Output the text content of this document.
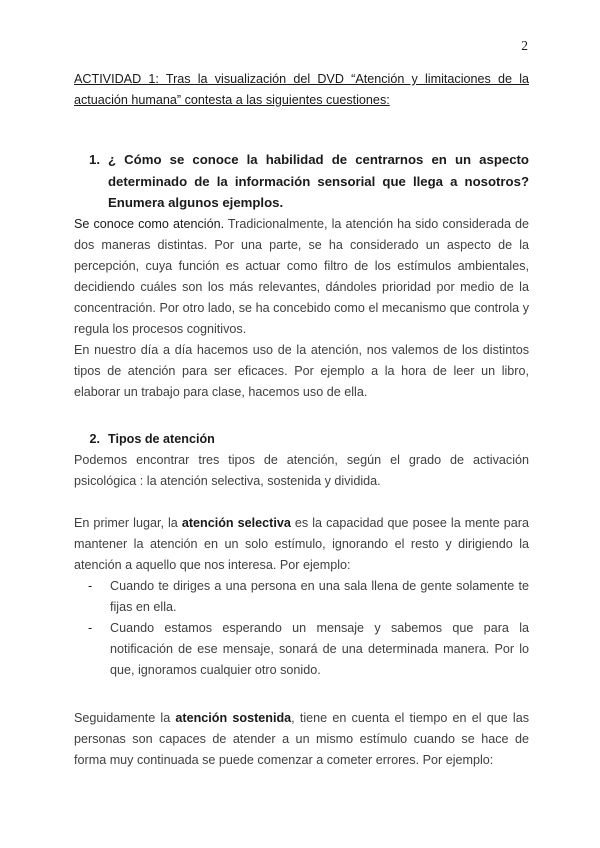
2

ACTIVIDAD 1: Tras la visualización del DVD “Atención y limitaciones de la actuación humana” contesta a las siguientes cuestiones:

1. ¿ Cómo se conoce la habilidad de centrarnos en un aspecto determinado de la información sensorial que llega a nosotros? Enumera algunos ejemplos.

Se conoce como atención. Tradicionalmente, la atención ha sido considerada de dos maneras distintas. Por una parte, se ha considerado un aspecto de la percepción, cuya función es actuar como filtro de los estímulos ambientales, decidiendo cuáles son los más relevantes, dándoles prioridad por medio de la concentración. Por otro lado, se ha concebido como el mecanismo que controla y regula los procesos cognitivos.

En nuestro día a día hacemos uso de la atención, nos valemos de los distintos tipos de atención para ser eficaces. Por ejemplo a la hora de leer un libro, elaborar un trabajo para clase, hacemos uso de ella.

2. Tipos de atención

Podemos encontrar tres tipos de atención, según el grado de activación psicológica : la atención selectiva, sostenida y dividida.

En primer lugar, la atención selectiva es la capacidad que posee la mente para mantener la atención en un solo estímulo, ignorando el resto y dirigiendo la atención a aquello que nos interesa. Por ejemplo:

-	Cuando te diriges a una persona en una sala llena de gente solamente te fijas en ella.
-	Cuando estamos esperando un mensaje y sabemos que para la notificación de ese mensaje, sonará de una determinada manera. Por lo que, ignoramos cualquier otro sonido.

Seguidamente la atención sostenida, tiene en cuenta el tiempo en el que las personas son capaces de atender a un mismo estímulo cuando se hace de forma muy continuada se puede comenzar a cometer errores. Por ejemplo:
